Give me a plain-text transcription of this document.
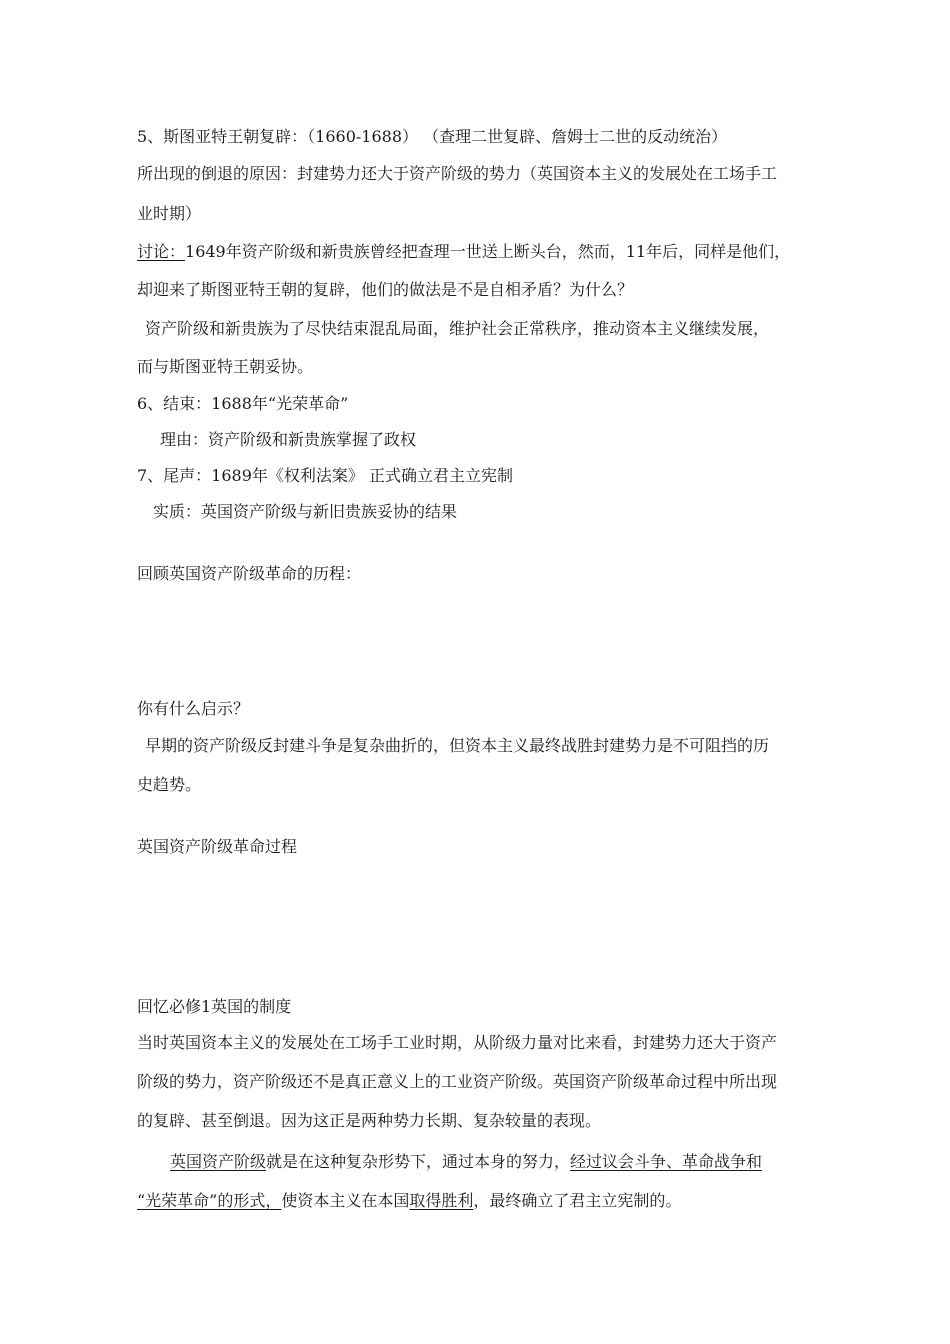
5、斯图亚特王朝复辟：（1660-1688） （查理二世复辟、詹姆士二世的反动统治）
所出现的倒退的原因：封建势力还大于资产阶级的势力（英国资本主义的发展处在工场手工
业时期）
讨论：1649年资产阶级和新贵族曾经把查理一世送上断头台，然而，11年后，同样是他们，
却迎来了斯图亚特王朝的复辟，他们的做法是不是自相矛盾？为什么？
资产阶级和新贵族为了尽快结束混乱局面，维护社会正常秩序，推动资本主义继续发展，
而与斯图亚特王朝妥协。
6、结束：1688年“光荣革命”
理由：资产阶级和新贵族掌握了政权
7、尾声：1689年《权利法案》 正式确立君主立宪制
实质：英国资产阶级与新旧贵族妥协的结果
回顾英国资产阶级革命的历程：
你有什么启示？
早期的资产阶级反封建斗争是复杂曲折的，但资本主义最终战胜封建势力是不可阻挡的历
史趋势。
英国资产阶级革命过程
回忆必修1英国的制度
当时英国资本主义的发展处在工场手工业时期，从阶级力量对比来看，封建势力还大于资产
阶级的势力，资产阶级还不是真正意义上的工业资产阶级。英国资产阶级革命过程中所出现
的复辟、甚至倒退。因为这正是两种势力长期、复杂较量的表现。
英国资产阶级就是在这种复杂形势下，通过本身的努力，经过议会斗争、革命战争和
“光荣革命”的形式，使资本主义在本国取得胜利，最终确立了君主立宪制的。
